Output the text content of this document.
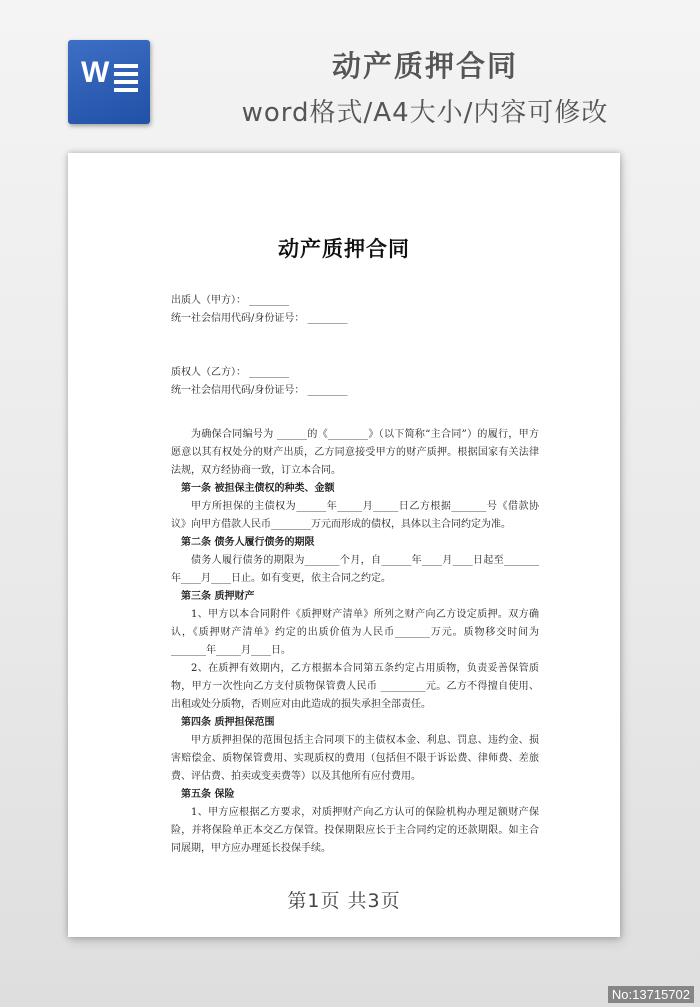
W	动产质押合同
word格式/A4大小/内容可修改
动产质押合同
出质人（甲方）： ________
统一社会信用代码/身份证号： ________
质权人（乙方）： ________
统一社会信用代码/身份证号： ________

为确保合同编号为 ______的《________》（以下简称“主合同”）的履行，甲方愿意以其有权处分的财产出质，乙方同意接受甲方的财产质押。根据国家有关法律法规，双方经协商一致，订立本合同。

第一条 被担保主债权的种类、金额

甲方所担保的主债权为______年_____月_____日乙方根据_______号《借款协议》向甲方借款人民币________万元而形成的债权，具体以主合同约定为准。

第二条 债务人履行债务的期限

债务人履行债务的期限为_______个月，自______年____月____日起至_______年____月____日止。如有变更，依主合同之约定。

第三条 质押财产

1、甲方以本合同附件《质押财产清单》所列之财产向乙方设定质押。双方确认，《质押财产清单》约定的出质价值为人民币_______万元。质物移交时间为_______年_____月____日。

2、在质押有效期内，乙方根据本合同第五条约定占用质物，负责妥善保管质物，甲方一次性向乙方支付质物保管费人民币 _________元。乙方不得擅自使用、出租或处分质物，否则应对由此造成的损失承担全部责任。

第四条 质押担保范围

甲方质押担保的范围包括主合同项下的主债权本金、利息、罚息、违约金、损害赔偿金、质物保管费用、实现质权的费用（包括但不限于诉讼费、律师费、差旅费、评估费、拍卖或变卖费等）以及其他所有应付费用。

第五条 保险

1、甲方应根据乙方要求，对质押财产向乙方认可的保险机构办理足额财产保险，并将保险单正本交乙方保管。投保期限应长于主合同约定的还款期限。如主合同展期，甲方应办理延长投保手续。

第1页 共3页
No:13715702
